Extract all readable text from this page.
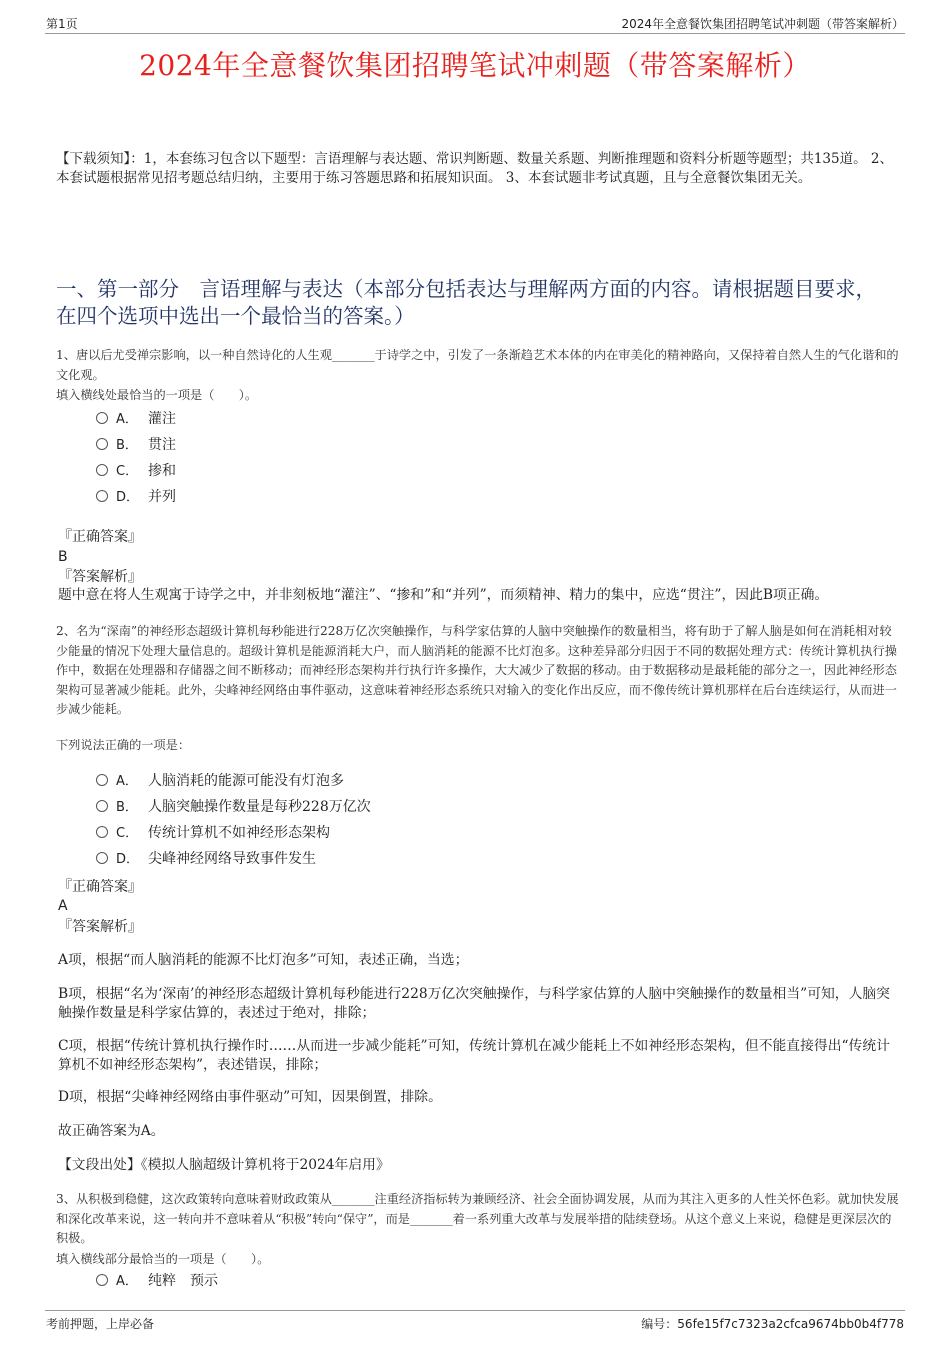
第1页	2024年全意餐饮集团招聘笔试冲刺题（带答案解析）
2024年全意餐饮集团招聘笔试冲刺题（带答案解析）
【下载须知】：1，本套练习包含以下题型：言语理解与表达题、常识判断题、数量关系题、判断推理题和资料分析题等题型；共135道。 2、本套试题根据常见招考题总结归纳，主要用于练习答题思路和拓展知识面。 3、本套试题非考试真题，且与全意餐饮集团无关。
一、第一部分　言语理解与表达（本部分包括表达与理解两方面的内容。请根据题目要求，在四个选项中选出一个最恰当的答案。）
1、唐以后尤受禅宗影响，以一种自然诗化的人生观_______于诗学之中，引发了一条渐趋艺术本体的内在审美化的精神路向，又保持着自然人生的气化谐和的文化观。
填入横线处最恰当的一项是（　　）。
A． 灌注
B． 贯注
C． 掺和
D． 并列
『正确答案』
B
『答案解析』
题中意在将人生观寓于诗学之中，并非刻板地“灌注”、“掺和”和“并列”，而须精神、精力的集中，应选“贯注”，因此B项正确。
2、名为“深南”的神经形态超级计算机每秒能进行228万亿次突触操作，与科学家估算的人脑中突触操作的数量相当，将有助于了解人脑是如何在消耗相对较少能量的情况下处理大量信息的。超级计算机是能源消耗大户，而人脑消耗的能源不比灯泡多。这种差异部分归因于不同的数据处理方式：传统计算机执行操作中，数据在处理器和存储器之间不断移动；而神经形态架构并行执行许多操作，大大减少了数据的移动。由于数据移动是最耗能的部分之一，因此神经形态架构可显著减少能耗。此外，尖峰神经网络由事件驱动，这意味着神经形态系统只对输入的变化作出反应，而不像传统计算机那样在后台连续运行，从而进一步减少能耗。
下列说法正确的一项是：
A． 人脑消耗的能源可能没有灯泡多
B． 人脑突触操作数量是每秒228万亿次
C． 传统计算机不如神经形态架构
D． 尖峰神经网络导致事件发生
『正确答案』
A
『答案解析』
A项，根据“而人脑消耗的能源不比灯泡多”可知，表述正确，当选；
B项，根据“名为‘深南’的神经形态超级计算机每秒能进行228万亿次突触操作，与科学家估算的人脑中突触操作的数量相当”可知，人脑突触操作数量是科学家估算的，表述过于绝对，排除；
C项，根据“传统计算机执行操作时……从而进一步减少能耗”可知，传统计算机在减少能耗上不如神经形态架构，但不能直接得出“传统计算机不如神经形态架构”，表述错误，排除；
D项，根据“尖峰神经网络由事件驱动”可知，因果倒置，排除。
故正确答案为A。
【文段出处】《模拟人脑超级计算机将于2024年启用》
3、从积极到稳健，这次政策转向意味着财政政策从_______注重经济指标转为兼顾经济、社会全面协调发展，从而为其注入更多的人性关怀色彩。就加快发展和深化改革来说，这一转向并不意味着从“积极”转向“保守”，而是_______着一系列重大改革与发展举措的陆续登场。从这个意义上来说，稳健是更深层次的积极。
填入横线部分最恰当的一项是（　　）。
A． 纯粹　预示
考前押题，上岸必备	编号：56fe15f7c7323a2cfca9674bb0b4f778
